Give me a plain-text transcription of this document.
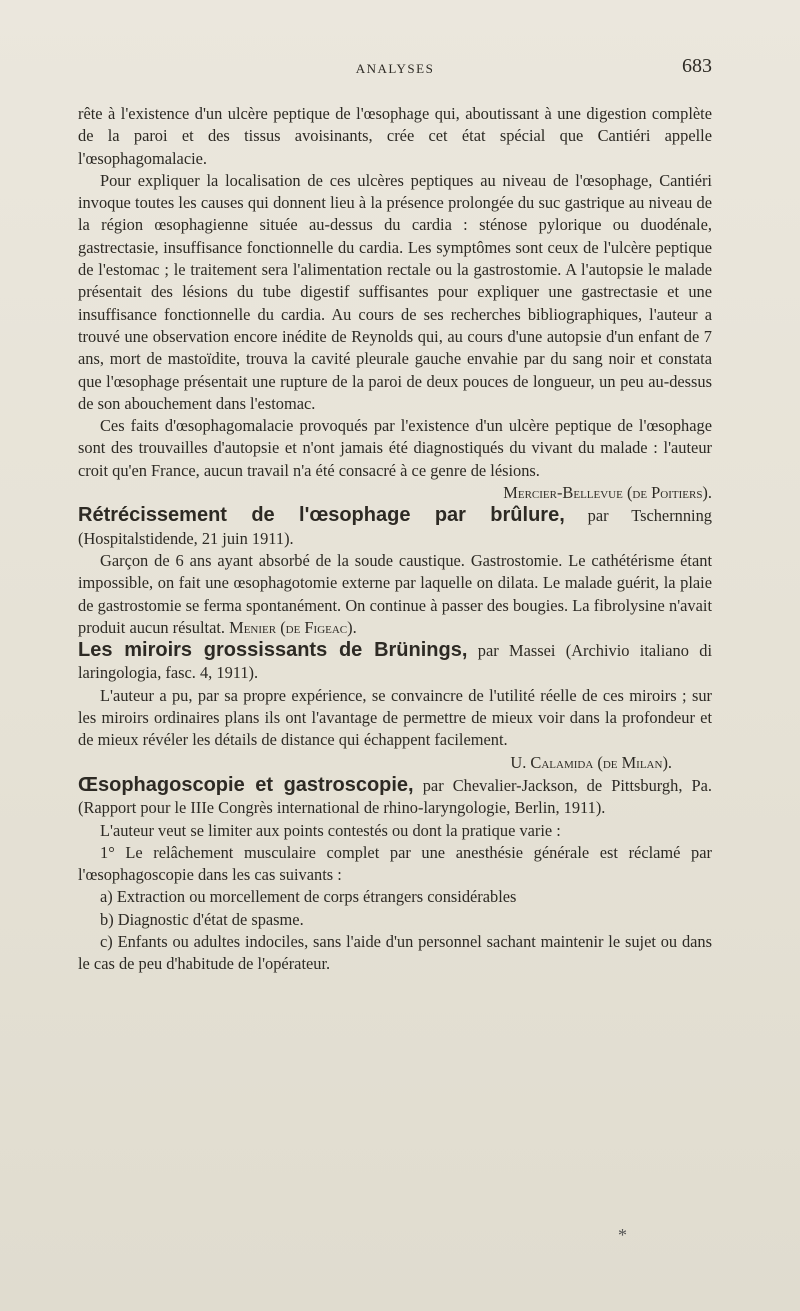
ANALYSES	683

rête à l'existence d'un ulcère peptique de l'œsophage qui, aboutissant à une digestion complète de la paroi et des tissus avoisinants, crée cet état spécial que Cantiéri appelle l'œsophagomalacie.

Pour expliquer la localisation de ces ulcères peptiques au niveau de l'œsophage, Cantiéri invoque toutes les causes qui donnent lieu à la présence prolongée du suc gastrique au niveau de la région œsophagienne située au-dessus du cardia : sténose pylorique ou duodénale, gastrectasie, insuffisance fonctionnelle du cardia. Les symptômes sont ceux de l'ulcère peptique de l'estomac ; le traitement sera l'alimentation rectale ou la gastrostomie. A l'autopsie le malade présentait des lésions du tube digestif suffisantes pour expliquer une gastrectasie et une insuffisance fonctionnelle du cardia. Au cours de ses recherches bibliographiques, l'auteur a trouvé une observation encore inédite de Reynolds qui, au cours d'une autopsie d'un enfant de 7 ans, mort de mastoïdite, trouva la cavité pleurale gauche envahie par du sang noir et constata que l'œsophage présentait une rupture de la paroi de deux pouces de longueur, un peu au-dessus de son abouchement dans l'estomac.

Ces faits d'œsophagomalacie provoqués par l'existence d'un ulcère peptique de l'œsophage sont des trouvailles d'autopsie et n'ont jamais été diagnostiqués du vivant du malade : l'auteur croit qu'en France, aucun travail n'a été consacré à ce genre de lésions.

Mercier-Bellevue (de Poitiers).

Rétrécissement de l'œsophage par brûlure, par Tschernning (Hospitalstidende, 21 juin 1911).

Garçon de 6 ans ayant absorbé de la soude caustique. Gastrostomie. Le cathétérisme étant impossible, on fait une œsophagotomie externe par laquelle on dilata. Le malade guérit, la plaie de gastrostomie se ferma spontanément. On continue à passer des bougies. La fibrolysine n'avait produit aucun résultat. Menier (de Figeac).

Les miroirs grossissants de Brünings, par Massei (Archivio italiano di laringologia, fasc. 4, 1911).

L'auteur a pu, par sa propre expérience, se convaincre de l'utilité réelle de ces miroirs ; sur les miroirs ordinaires plans ils ont l'avantage de permettre de mieux voir dans la profondeur et de mieux révéler les détails de distance qui échappent facilement.

U. Calamida (de Milan).

Œsophagoscopie et gastroscopie, par Chevalier-Jackson, de Pittsburgh, Pa. (Rapport pour le IIIe Congrès international de rhino-laryngologie, Berlin, 1911).

L'auteur veut se limiter aux points contestés ou dont la pratique varie :

1° Le relâchement musculaire complet par une anesthésie générale est réclamé par l'œsophagoscopie dans les cas suivants :

a) Extraction ou morcellement de corps étrangers considérables

b) Diagnostic d'état de spasme.

c) Enfants ou adultes indociles, sans l'aide d'un personnel sachant maintenir le sujet ou dans le cas de peu d'habitude de l'opérateur.

*
